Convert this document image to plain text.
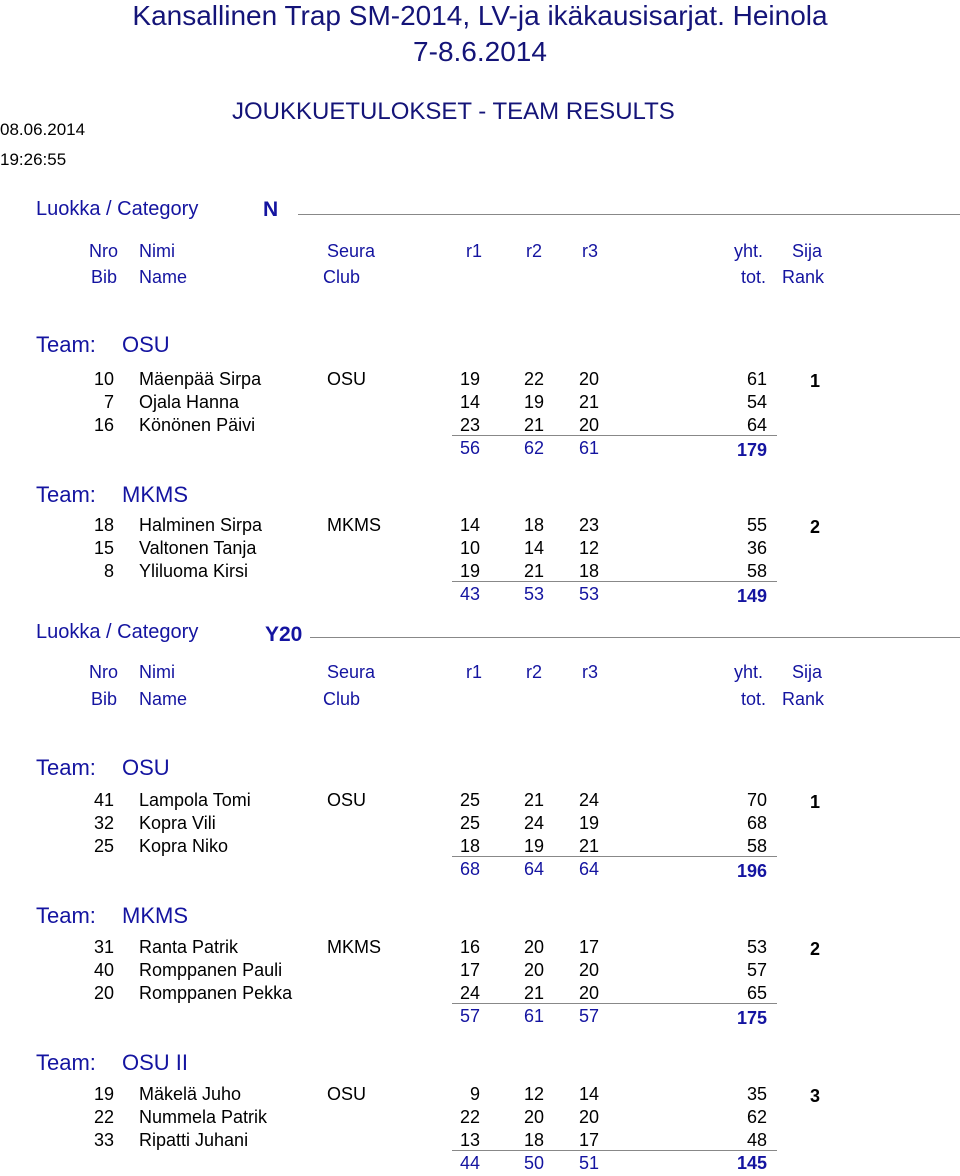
Kansallinen Trap SM-2014, LV-ja ikäkausisarjat. Heinola
7-8.6.2014
JOUKKUETULOKSET - TEAM RESULTS
08.06.2014
19:26:55
Luokka / Category	N
Nro Nimi	Seura	r1 r2 r3	yht. Sija
Bib Name	Club	tot. Rank
Team: OSU
10 Mäenpää Sirpa	OSU	19	22	20	61 1
7 Ojala Hanna	14	19	21	54
16 Könönen Päivi	23	21	20	64
56	62	61	179
Team: MKMS
18 Halminen Sirpa	MKMS	14	18	23	55 2
15 Valtonen Tanja	10	14	12	36
8 Yliluoma Kirsi	19	21	18	58
43	53	53	149
Luokka / Category	Y20
Nro Nimi	Seura	r1 r2 r3	yht. Sija
Bib Name	Club	tot. Rank
Team: OSU
41 Lampola Tomi	OSU	25	21	24	70 1
32 Kopra Vili	25	24	19	68
25 Kopra Niko	18	19	21	58
68	64	64	196
Team: MKMS
31 Ranta Patrik	MKMS	16	20	17	53 2
40 Romppanen Pauli	17	20	20	57
20 Romppanen Pekka	24	21	20	65
57	61	57	175
Team: OSU II
19 Mäkelä Juho	OSU	9	12	14	35 3
22 Nummela Patrik	22	20	20	62
33 Ripatti Juhani	13	18	17	48
44	50	51	145
